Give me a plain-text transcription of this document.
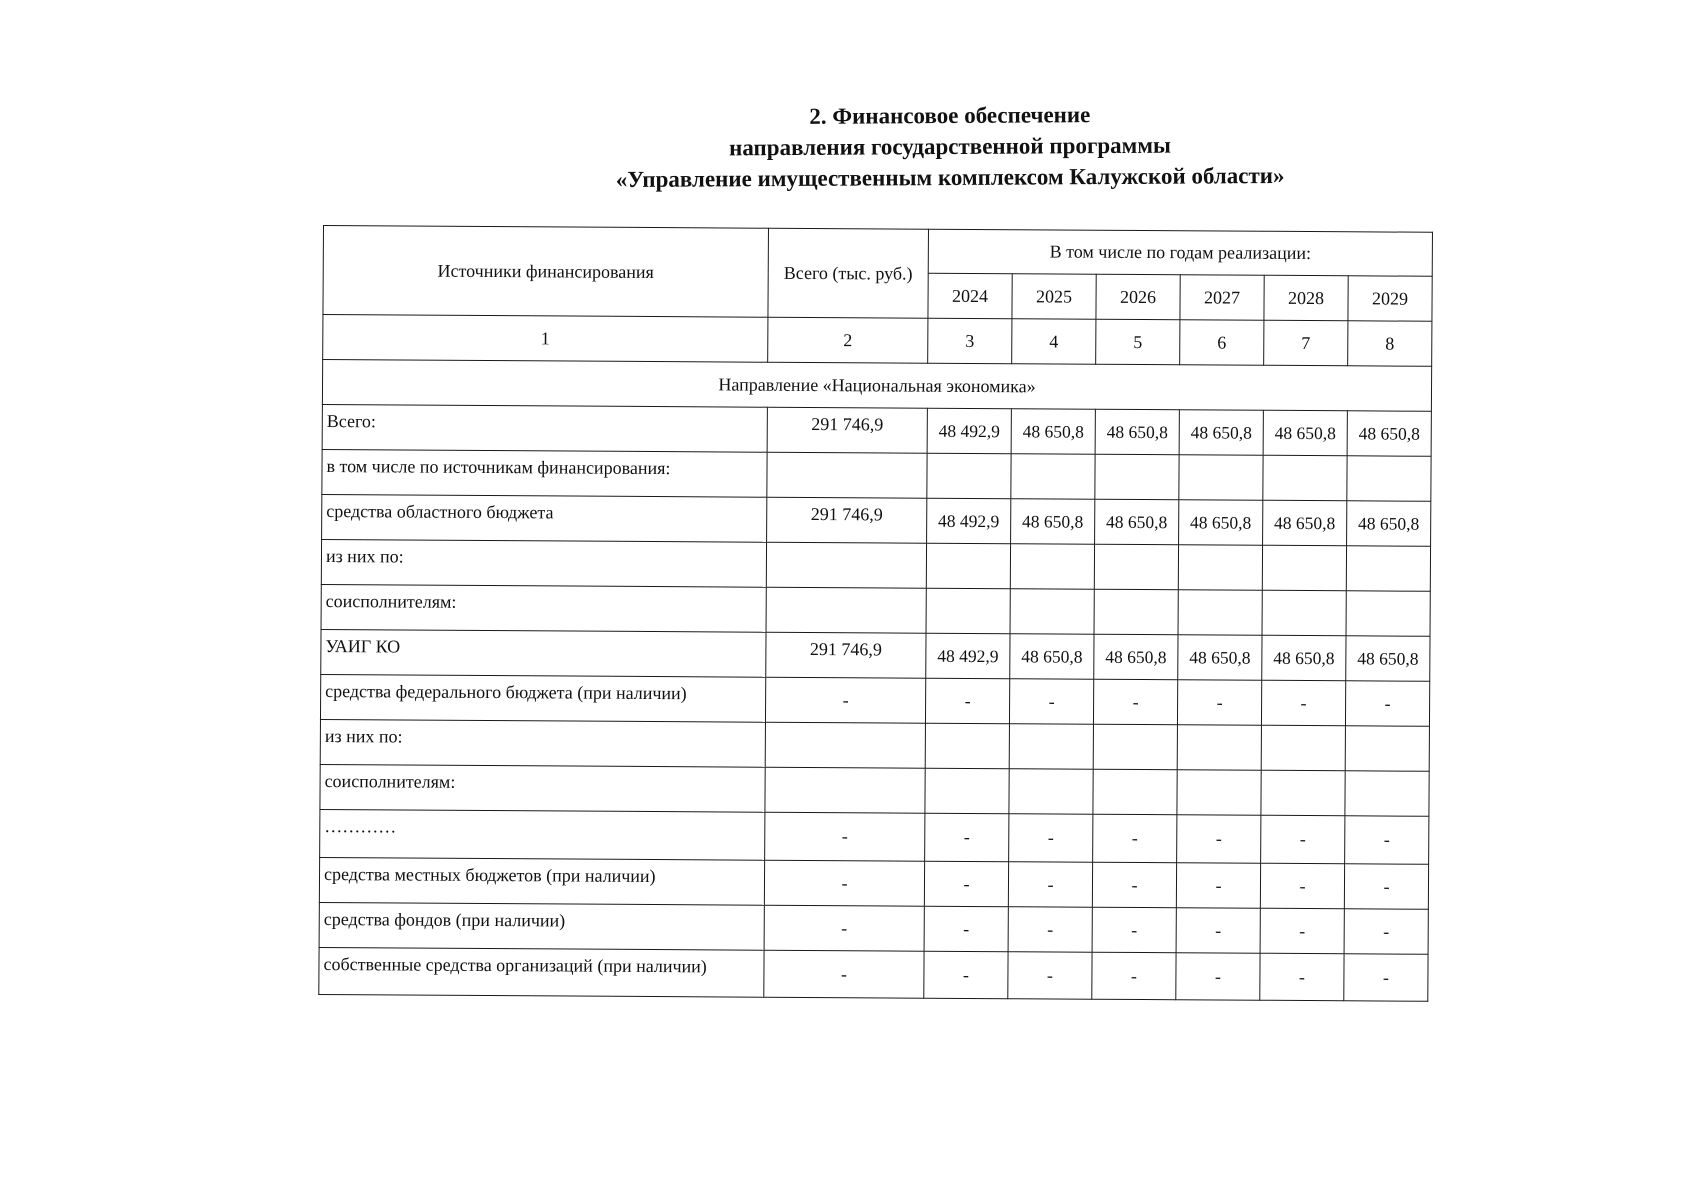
2. Финансовое обеспечение
направления государственной программы
«Управление имущественным комплексом Калужской области»
Источники финансирования	Всего (тыс. руб.)	В том числе по годам реализации:					
		2024	2025	2026	2027	2028	2029
1	2	3	4	5	6	7	8
Направление «Национальная экономика»							
Всего:	291 746,9	48 492,9	48 650,8	48 650,8	48 650,8	48 650,8	48 650,8
в том числе по источникам финансирования:							
средства областного бюджета	291 746,9	48 492,9	48 650,8	48 650,8	48 650,8	48 650,8	48 650,8
из них по:							
соисполнителям:							
УАИГ КО	291 746,9	48 492,9	48 650,8	48 650,8	48 650,8	48 650,8	48 650,8
средства федерального бюджета (при наличии)	-	-	-	-	-	-	-
из них по:							
соисполнителям:							
…………	-	-	-	-	-	-	-
средства местных бюджетов (при наличии)	-	-	-	-	-	-	-
средства фондов (при наличии)	-	-	-	-	-	-	-
собственные средства организаций (при наличии)	-	-	-	-	-	-	-
